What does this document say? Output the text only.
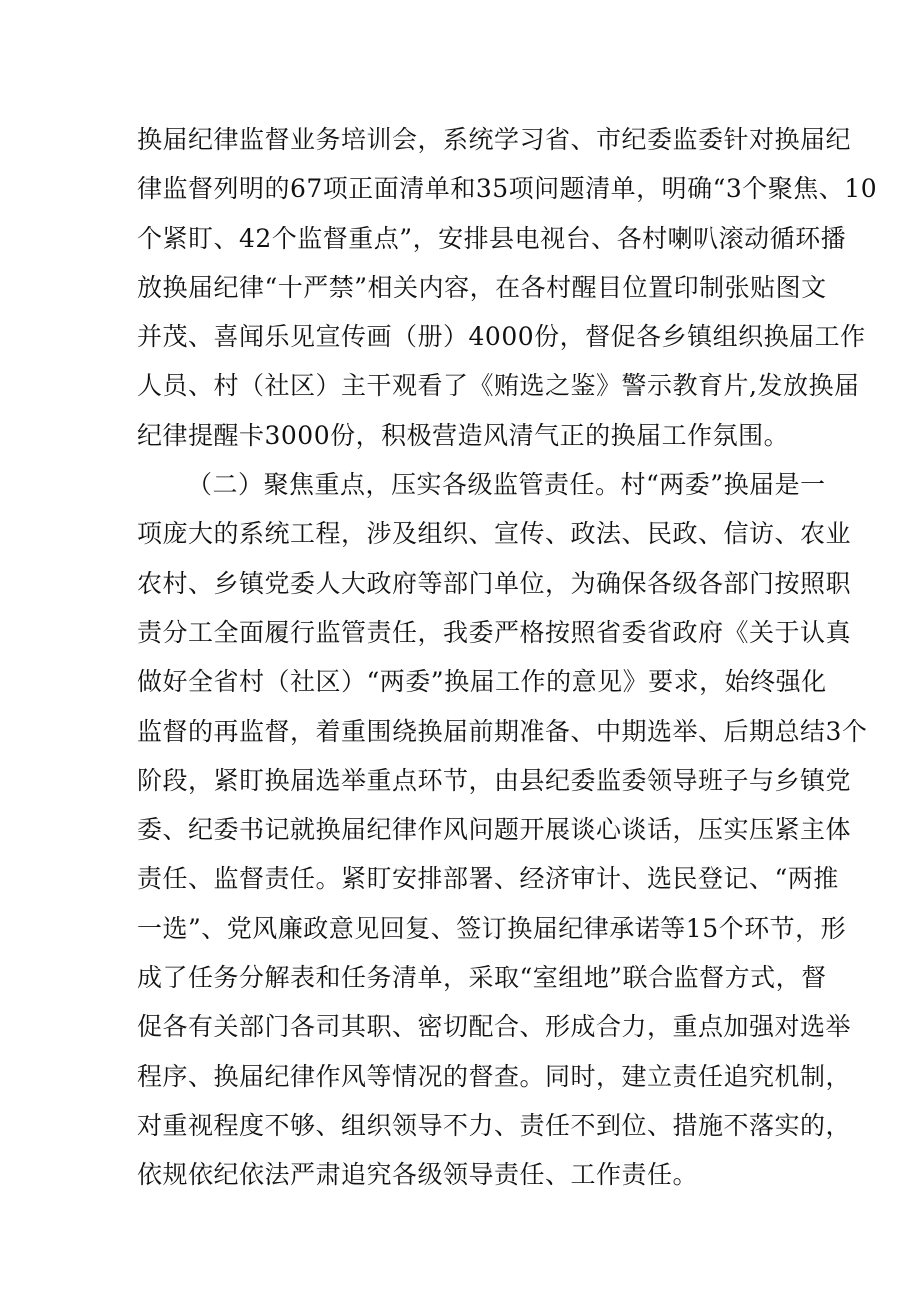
换届纪律监督业务培训会，系统学习省、市纪委监委针对换届纪
律监督列明的67项正面清单和35项问题清单，明确“3个聚焦、10
个紧盯、42个监督重点”，安排县电视台、各村喇叭滚动循环播
放换届纪律“十严禁”相关内容，在各村醒目位置印制张贴图文
并茂、喜闻乐见宣传画（册）4000份，督促各乡镇组织换届工作
人员、村（社区）主干观看了《贿选之鉴》警示教育片,发放换届
纪律提醒卡3000份，积极营造风清气正的换届工作氛围。
（二）聚焦重点，压实各级监管责任。村“两委”换届是一
项庞大的系统工程，涉及组织、宣传、政法、民政、信访、农业
农村、乡镇党委人大政府等部门单位，为确保各级各部门按照职
责分工全面履行监管责任，我委严格按照省委省政府《关于认真
做好全省村（社区）“两委”换届工作的意见》要求，始终强化
监督的再监督，着重围绕换届前期准备、中期选举、后期总结3个
阶段，紧盯换届选举重点环节，由县纪委监委领导班子与乡镇党
委、纪委书记就换届纪律作风问题开展谈心谈话，压实压紧主体
责任、监督责任。紧盯安排部署、经济审计、选民登记、“两推
一选”、党风廉政意见回复、签订换届纪律承诺等15个环节，形
成了任务分解表和任务清单，采取“室组地”联合监督方式，督
促各有关部门各司其职、密切配合、形成合力，重点加强对选举
程序、换届纪律作风等情况的督查。同时，建立责任追究机制，
对重视程度不够、组织领导不力、责任不到位、措施不落实的，
依规依纪依法严肃追究各级领导责任、工作责任。
